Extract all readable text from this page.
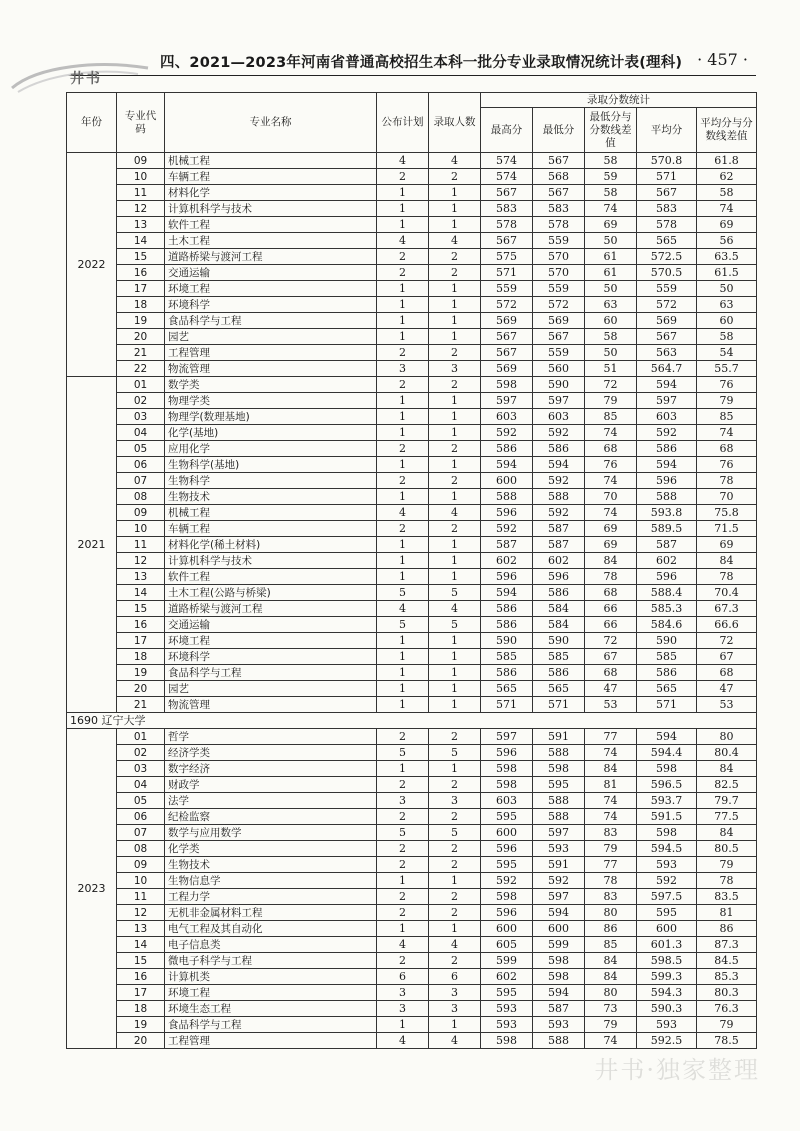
四、2021—2023年河南省普通高校招生本科一批分专业录取情况统计表(理科) · 457 ·
井书
年份	专业代码	专业名称	公布计划	录取人数	录取分数统计				
					最高分	最低分	最低分与分数线差值	平均分	平均分与分数线差值
2022	09	机械工程	4	4	574	567	58	570.8	61.8
	10	车辆工程	2	2	574	568	59	571	62
	11	材料化学	1	1	567	567	58	567	58
	12	计算机科学与技术	1	1	583	583	74	583	74
	13	软件工程	1	1	578	578	69	578	69
	14	土木工程	4	4	567	559	50	565	56
	15	道路桥梁与渡河工程	2	2	575	570	61	572.5	63.5
	16	交通运输	2	2	571	570	61	570.5	61.5
	17	环境工程	1	1	559	559	50	559	50
	18	环境科学	1	1	572	572	63	572	63
	19	食品科学与工程	1	1	569	569	60	569	60
	20	园艺	1	1	567	567	58	567	58
	21	工程管理	2	2	567	559	50	563	54
	22	物流管理	3	3	569	560	51	564.7	55.7
2021	01	数学类	2	2	598	590	72	594	76
	02	物理学类	1	1	597	597	79	597	79
	03	物理学(数理基地)	1	1	603	603	85	603	85
	04	化学(基地)	1	1	592	592	74	592	74
	05	应用化学	2	2	586	586	68	586	68
	06	生物科学(基地)	1	1	594	594	76	594	76
	07	生物科学	2	2	600	592	74	596	78
	08	生物技术	1	1	588	588	70	588	70
	09	机械工程	4	4	596	592	74	593.8	75.8
	10	车辆工程	2	2	592	587	69	589.5	71.5
	11	材料化学(稀土材料)	1	1	587	587	69	587	69
	12	计算机科学与技术	1	1	602	602	84	602	84
	13	软件工程	1	1	596	596	78	596	78
	14	土木工程(公路与桥梁)	5	5	594	586	68	588.4	70.4
	15	道路桥梁与渡河工程	4	4	586	584	66	585.3	67.3
	16	交通运输	5	5	586	584	66	584.6	66.6
	17	环境工程	1	1	590	590	72	590	72
	18	环境科学	1	1	585	585	67	585	67
	19	食品科学与工程	1	1	586	586	68	586	68
	20	园艺	1	1	565	565	47	565	47
	21	物流管理	1	1	571	571	53	571	53
1690 辽宁大学									
2023	01	哲学	2	2	597	591	77	594	80
	02	经济学类	5	5	596	588	74	594.4	80.4
	03	数字经济	1	1	598	598	84	598	84
	04	财政学	2	2	598	595	81	596.5	82.5
	05	法学	3	3	603	588	74	593.7	79.7
	06	纪检监察	2	2	595	588	74	591.5	77.5
	07	数学与应用数学	5	5	600	597	83	598	84
	08	化学类	2	2	596	593	79	594.5	80.5
	09	生物技术	2	2	595	591	77	593	79
	10	生物信息学	1	1	592	592	78	592	78
	11	工程力学	2	2	598	597	83	597.5	83.5
	12	无机非金属材料工程	2	2	596	594	80	595	81
	13	电气工程及其自动化	1	1	600	600	86	600	86
	14	电子信息类	4	4	605	599	85	601.3	87.3
	15	微电子科学与工程	2	2	599	598	84	598.5	84.5
	16	计算机类	6	6	602	598	84	599.3	85.3
	17	环境工程	3	3	595	594	80	594.3	80.3
	18	环境生态工程	3	3	593	587	73	590.3	76.3
	19	食品科学与工程	1	1	593	593	79	593	79
	20	工程管理	4	4	598	588	74	592.5	78.5
井书·独家整理
